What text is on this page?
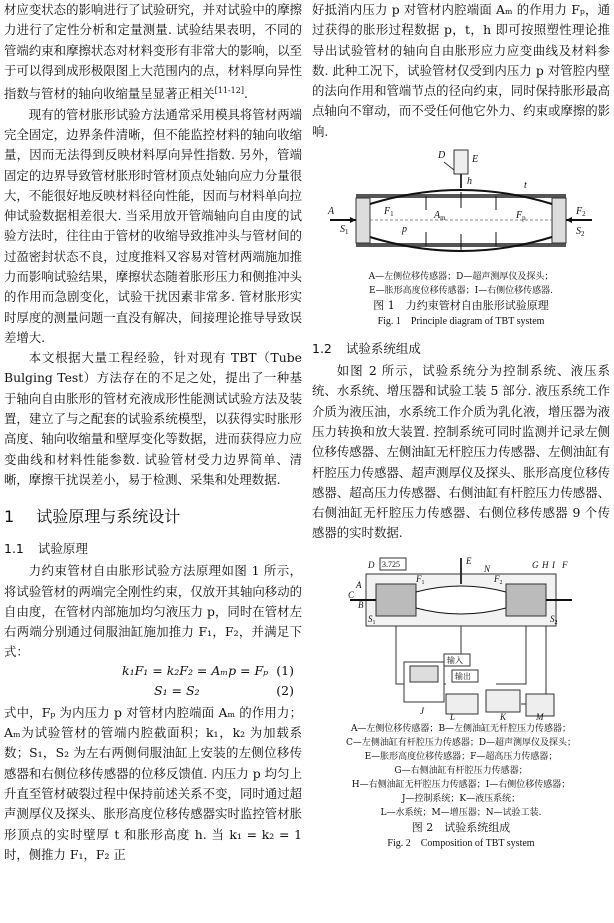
材应变状态的影响进行了试验研究，并对试验中的摩擦力进行了定性分析和定量测量. 试验结果表明，不同的管端约束和摩擦状态对材料变形有非常大的影响，以至于可以得到成形极限图上大范围内的点，材料厚向异性指数与管材的轴向收缩量呈显著正相关[11-12].

现有的管材胀形试验方法通常采用模具将管材两端完全固定，边界条件清晰，但不能监控材料的轴向收缩量，因而无法得到反映材料厚向异性指数. 另外，管端固定的边界导致管材胀形时管材顶点处轴向应力分量很大，不能很好地反映材料径向性能，因而与材料单向拉伸试验数据相差很大. 当采用放开管端轴向自由度的试验方法时，往往由于管材的收缩导致推冲头与管材间的过盈密封状态不良，过度推料又容易对管材两端施加推力而影响试验结果，摩擦状态随着胀形压力和侧推冲头的作用而急剧变化，试验干扰因素非常多. 管材胀形实时厚度的测量问题一直没有解决，间接理论推导导致误差增大.

本文根据大量工程经验，针对现有 TBT（Tube Bulging Test）方法存在的不足之处，提出了一种基于轴向自由胀形的管材充液成形性能测试试验方法及装置，建立了与之配套的试验系统模型，以获得实时胀形高度、轴向收缩量和壁厚变化等数据，进而获得应力应变曲线和材料性能参数. 试验管材受力边界简单、清晰，摩擦干扰误差小，易于检测、采集和处理数据.

1 试验原理与系统设计
1.1 试验原理

力约束管材自由胀形试验方法原理如图 1 所示，将试验管材的两端完全刚性约束，仅放开其轴向移动的自由度，在管材内部施加均匀液压力 p，同时在管材左右两端分别通过伺服油缸施加推力 F₁，F₂，并满足下式：

k₁F₁ = k₂F₂ = Aₘp = Fₚ (1)
S₁ = S₂	(2)

式中，Fₚ 为内压力 p 对管材内腔端面 Aₘ 的作用力；Aₘ为试验管材的管端内腔截面积；k₁，k₂ 为加载系数；S₁，S₂ 为左右两侧伺服油缸上安装的左侧位移传感器和右侧位移传感器的位移反馈值. 内压力 p 均匀上升直至管材破裂过程中保持前述关系不变，同时通过超声测厚仪及探头、胀形高度位移传感器实时监控管材胀形顶点的实时壁厚 t 和胀形高度 h. 当 k₁ = k₂ = 1 时，侧推力 F₁，F₂ 正

好抵消内压力 p 对管材内腔端面 Aₘ 的作用力 Fₚ，通过获得的胀形过程数据 p，t，h 即可按照塑性理论推导出试验管材的轴向自由胀形应力应变曲线及材料参数. 此种工况下，试验管材仅受到内压力 p 对管腔内壁的法向作用和管端节点的径向约束，同时保持胀形最高点轴向不窜动，而不受任何他它外力、约束或摩擦的影响.

D	E
h	t
A
$S_1$
$F_1$	$F_2$
$S_2$
$A_m$	$F_p$
p
A—左侧位移传感器；D—超声测厚仪及探头；
E—胀形高度位移传感器；I—右侧位移传感器.
图 1　力约束管材自由胀形试验原理
Fig. 1　Principle diagram of TBT system
1.2 试验系统组成

如图 2 所示，试验系统分为控制系统、液压系统、水系统、增压器和试验工装 5 部分. 液压系统工作介质为液压油，水系统工作介质为乳化液，增压器为液压力转换和放大装置. 控制系统可同时监测并记录左侧位移传感器、左侧油缸无杆腔压力传感器、左侧油缸有杆腔压力传感器、超声测厚仪及探头、胀形高度位移传感器、超高压力传感器、右侧油缸有杆腔压力传感器、右侧油缸无杆腔压力传感器、右侧位移传感器 9 个传感器的实时数据.

3.725
输入
输出
A
C
B
D	E
N	G H I F
$F_1$	$F_2$
$S_1$	$S_2$
J
L	K	M
A—左侧位移传感器；B—左侧油缸无杆腔压力传感器；
C—左侧油缸有杆腔压力传感器；D—超声测厚仪及探头；
E—胀形高度位移传感器；F—超高压力传感器；
G—右侧油缸有杆腔压力传感器；
H—右侧油缸无杆腔压力传感器；I—右侧位移传感器；
J—控制系统；K—液压系统；
L—水系统；M—增压器；N—试验工装.
图 2　试验系统组成
Fig. 2　Composition of TBT system
